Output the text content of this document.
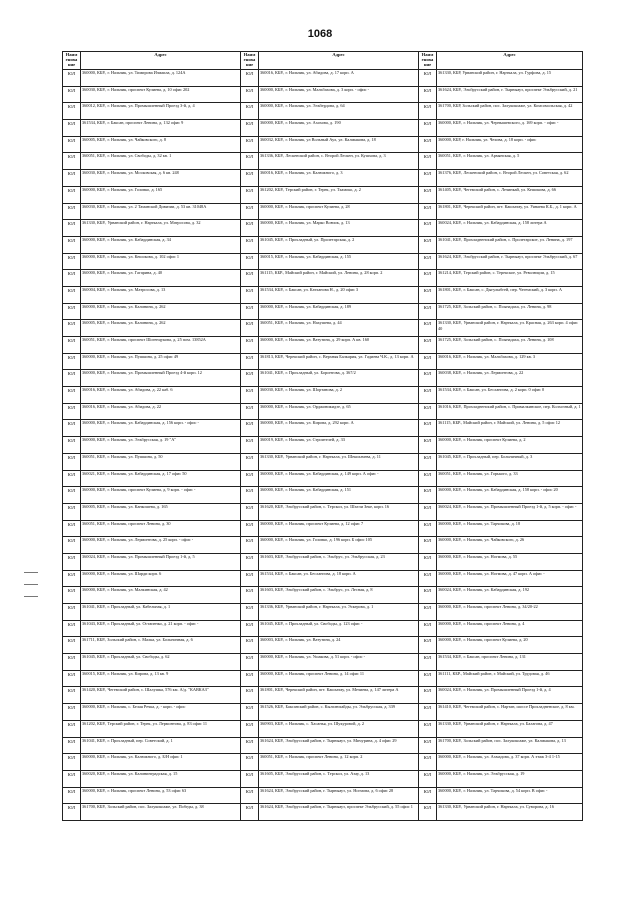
1068
Наим енова ние	Адрес	Наим енова ние	Адрес	Наим енова ние	Адрес
ЮЛ	360000, КБР., г. Нальчик, ул. Тимирова Измаила, д. 124А	ЮЛ	360016, КБР., г. Нальчик, ул. Абидова, д. 17 корп. А	ЮЛ	361330, КБР, Урванский район, г. Нарткала, ул. Гурфова, д. 15
ЮЛ	360030, КБР., г. Нальчик, проспект Кулиева, д. 10 офис 202	ЮЛ	360000, КБР., г. Нальчик, ул. Мальбахова, д. 3 корп. - офис -	ЮЛ	361624, КБР., Эльбрусский район, г. Тырныауз, проспект Эльбрусский, д. 21
ЮЛ	360012, КБР., г. Нальчик, ул. Промышленный Проезд 3-й, д. 4	ЮЛ	360000, КБР., г. Нальчик, ул. Эльбердова, д. 64	ЮЛ	361700, КБР, Зольский район, пос. Залукокоаже, ул. Комсомольская, д. 42
ЮЛ	361534, КБР., г. Баксан, проспект Ленина, д. 132 офис 9	ЮЛ	360000, КБР., г. Нальчик, ул. Ахохова, д. 190	ЮЛ	360000, КБР., г. Нальчик, ул. Чернышевского, д. 169 корп. - офис -
ЮЛ	360005, КБР., г. Нальчик, ул. Чайковского, д. 8	ЮЛ	360032, КБР., г. Нальчик, ул Вольный Аул, ул. Калмыкова, д. 18	ЮЛ	360000, КБР, г. Нальчик, ул. Чехова, д. 18 корп. - офис
ЮЛ	360051, КБР., г. Нальчик, ул. Свободы, д. 32 кв. 1	ЮЛ	361336, КБР., Лескенский район, с. Второй Лескен, ул. Кушхова, д. 3	ЮЛ	360051, КБР., г. Нальчик, ул. Армянская, д. 5
ЮЛ	360030, КБР., г. Нальчик, ул. Московская, д. 6 кв. 248	ЮЛ	360016, КБР., г. Нальчик, ул. Калюжного, д. 3	ЮЛ	361376, КБР., Лескенский район, с. Второй Лескен, ул. Советская, д. 62
ЮЛ	360000, КБР., г. Нальчик, ул. Головко, д. 165	ЮЛ	361202, КБР., Терский район, г. Терек, ул. Тхамоко, д. 2	ЮЛ	361405, КБР., Чегемский район, с. Лечинкай, ул. Кешокова, д. 66
ЮЛ	360030, КБР., г. Нальчик, ул. 2 Таманской Дивизии, д. 53 кв. 31048А	ЮЛ	360000, КБР., г. Нальчик, проспект Кулиева, д. 28	ЮЛ	361801, КБР., Черекский район, пгт. Кашхатау, ул. Уянаева К.Б., д. 1 корп. А
ЮЛ	361330, КБР., Урванский район, г. Нарткала, ул. Матросова, д. 32	ЮЛ	360000, КБР., г. Нальчик, ул. Марко Вовчок, д. 13	ЮЛ	360024, КБР., г. Нальчик, ул. Кабардинская, д. 158 литера А
ЮЛ	360000, КБР., г. Нальчик, ул. Кабардинская, д. 34	ЮЛ	361045, КБР., г. Прохладный, ул. Пролетарская, д. 2	ЮЛ	361041, КБР., Прохладненский район, с. Пролетарское, ул. Ленина, д. 197
ЮЛ	360000, КБР., г. Нальчик, ул. Кешокова, д. 102 офис 1	ЮЛ	360015, КБР., г. Нальчик, ул. Кабардинская, д. 155	ЮЛ	361624, КБР., Эльбрусский район, г. Тырныауз, проспект Эльбрусский, д. 67
ЮЛ	360000, КБР., г. Нальчик, ул. Гагарина, д. 40	ЮЛ	361115, КБР., Майский район, г. Майский, ул. Ленина, д. 28 корп. 2	ЮЛ	361214, КБР., Терский район, с. Терекское, ул. Революции, д. 15
ЮЛ	360004, КБР., г. Нальчик, ул. Матросова, д. 13	ЮЛ	361534, КБР., г. Баксан, ул. Катханова Н., д. 20 офис 3	ЮЛ	361801, КБР., г. Баксан, с. Дыгулыбгей, пер. Чегемский, д. 3 корп. А
ЮЛ	360000, КБР., г. Нальчик, ул. Калинина, д. 262	ЮЛ	360000, КБР., г. Нальчик, ул. Кабардинская, д. 189	ЮЛ	361725, КБР., Зольский район, с. Псынадаха, ул. Ленина, д. 98
ЮЛ	360005, КБР., г. Нальчик, ул. Калинина, д. 262	ЮЛ	360051, КБР., г. Нальчик, ул. Нахушева, д. 44	ЮЛ	361330, КБР., Урванский район, г. Нарткала, ул. Красная, д. 263 корп. 4 офис 40
ЮЛ	360051, КБР., г. Нальчик, проспект Шогенцукова, д. 25 пом. 13852А	ЮЛ	360000, КБР., г. Нальчик, ул. Ватутина, д. 29 корп. А кв. 160	ЮЛ	361725, КБР., Зольский район, с. Псынадаха, ул. Ленина, д. 108
ЮЛ	360000, КБР., г. Нальчик, ул. Пушкина, д. 25 офис 49	ЮЛ	361813, КБР., Черекский район, с. Верхняя Балкария, ул. Гадиева Ч.К., д. 13 корп. А	ЮЛ	360016, КБР., г. Нальчик, ул. Мальбахова, д. 129 кв. 3
ЮЛ	360000, КБР., г. Нальчик, ул. Промышленный Проезд 4-й корп. 12	ЮЛ	361041, КБР., г. Прохладный, ул. Боронтова, д. 367/2	ЮЛ	360038, КБР., г. Нальчик, ул. Лермонтова, д. 22
ЮЛ	360016, КБР., г. Нальчик, ул. Абидова, д. 22 каб. 6	ЮЛ	360030, КБР., г. Нальчик, ул. Шортанова, д. 2	ЮЛ	361534, КБР., г. Баксан, ул. Беслангова, д. 2 корп. 0 офис 0
ЮЛ	360016, КБР., г. Нальчик, ул. Абидова, д. 22	ЮЛ	360000, КБР., г. Нальчик, ул. Орджоникидзе, д. 65	ЮЛ	361016, КБР., Прохладненский район, с. Прималкинское, пер. Колхозный, д. 1
ЮЛ	360000, КБР., г. Нальчик, ул. Кабардинская, д. 156 корп. - офис -	ЮЛ	360000, КБР., г. Нальчик, ул. Кирова, д. 292 корп. А	ЮЛ	361115, КБР., Майский район, г. Майский, ул. Ленина, д. 5 офис 12
ЮЛ	360000, КБР., г. Нальчик, ул. Эльбрусская, д. 19 "А"	ЮЛ	360019, КБР., г. Нальчик, ул. Строителей, д. 33	ЮЛ	360000, КБР., г. Нальчик, проспект Кулиева, д. 2
ЮЛ	360051, КБР., г. Нальчик, ул. Пушкина, д. 50	ЮЛ	361330, КБР., Урванский район, г. Нарткала, ул. Шекихачева, д. 11	ЮЛ	361045, КБР., г. Прохладный, пер. Больничный, д. 3
ЮЛ	360021, КБР., г. Нальчик, ул. Кабардинская, д. 17 офис 50	ЮЛ	360000, КБР., г. Нальчик, ул. Кабардинская, д. 149 корп. А офис -	ЮЛ	360051, КБР., г. Нальчик, ул. Горького, д. 33
ЮЛ	360000, КБР., г. Нальчик, проспект Кулиева, д. 9 корп. - офис -	ЮЛ	360000, КБР., г. Нальчик, ул. Кабардинская, д. 151	ЮЛ	360000, КБР., г. Нальчик, ул. Кабардинская, д. 158 корп. - офис 20
ЮЛ	360005, КБР., г. Нальчик, ул. Канкошева, д. 165	ЮЛ	361620, КБР., Эльбрусский район, с. Терскол, ул. Шхели Зеке, корп. 16	ЮЛ	360024, КБР., г. Нальчик, ул. Промышленный Проезд 1-й, д. 5 корп. - офис -
ЮЛ	360051, КБР., г. Нальчик, проспект Ленина, д. 30	ЮЛ	360000, КБР., г. Нальчик, проспект Кулиева, д. 12 офис 7	ЮЛ	360000, КБР., г. Нальчик, ул. Тарчокова, д. 18
ЮЛ	360000, КБР., г. Нальчик, ул. Лермонтова, д. 25 корп. - офис -	ЮЛ	360000, КБР., г. Нальчик, ул. Головко, д. 196 корп. Б офис 105	ЮЛ	360000, КБР., г. Нальчик, ул. Чайковского, д. 26
ЮЛ	360024, КБР., г. Нальчик, ул. Промышленный Проезд 1-й, д. 5	ЮЛ	361603, КБР., Эльбрусский район, с. Эльбрус, ул. Эльбрусская, д. 23	ЮЛ	360000, КБР., г. Нальчик, ул. Ногмова, д. 55
ЮЛ	360000, КБР., г. Нальчик, ул. Шарди корп. 6	ЮЛ	361534, КБР., г. Баксан, ул. Беслангова, д. 18 корп. А	ЮЛ	360000, КБР., г. Нальчик, ул. Ногмова, д. 47 корп. А офис -
ЮЛ	360000, КБР., г. Нальчик, ул. Малкинская, д. 42	ЮЛ	361603, КБР., Эльбрусский район, с. Эльбрус, ул. Лесная, д. 8	ЮЛ	360024, КБР., г. Нальчик, ул. Кабардинская, д. 192
ЮЛ	361041, КБР., г. Прохладный, ул. Кабельная, д. 1	ЮЛ	361336, КБР., Урванский район, г. Нарткала, ул. Эскерова, д. 1	ЮЛ	360000, КБР., г. Нальчик, проспект Ленина, д. 34/20-22
ЮЛ	361043, КБР., г. Прохладный, ул. Остапенко, д. 21 корп. - офис -	ЮЛ	361045, КБР., г. Прохладный, ул. Свободы, д. 123 офис -	ЮЛ	360000, КБР., г. Нальчик, проспект Ленина, д. 4
ЮЛ	361711, КБР., Зольский район, с. Малка, ул. Больничная, д. 6	ЮЛ	360003, КБР., г. Нальчик, ул. Ватутина, д. 24	ЮЛ	360000, КБР., г. Нальчик, проспект Кулиева, д. 20
ЮЛ	361045, КБР., г. Прохладный, ул. Свободы, д. 62	ЮЛ	360000, КБР., г. Нальчик, ул. Ушакова, д. 51 корп. - офис -	ЮЛ	361534, КБР., г. Баксан, проспект Ленина, д. 131
ЮЛ	360015, КБР., г. Нальчик, ул. Кирова, д. 13 кв. 9	ЮЛ	360000, КБР., г. Нальчик, проспект Ленина, д. 14 офис 11	ЮЛ	361111, КБР., Майский район, г. Майский, ул. Трудовая, д. 46
ЮЛ	361420, КБР., Чегемский район, с. Шалушка, 576 км. А/д. "КАВКАЗ"	ЮЛ	361801, КБР., Черекский район, пгт. Кашхатау, ул. Мечиева, д. 147 литера А	ЮЛ	360024, КБР., г. Нальчик, ул. Промышленный Проезд 1-й, д. 4
ЮЛ	360000, КБР., г. Нальчик, с. Белая Речка, д. - корп. - офис	ЮЛ	361526, КБР., Баксанский район, с. Кыльтюхайды, ул. Эльбрусская, д. 339	ЮЛ	361410, КБР., Чегемский район, с. Нартан, шоссе Прохладненское, д. 8 км.
ЮЛ	361202, КБР., Терский район, г. Терек, ул. Лермонтова, д. 83 офис 11	ЮЛ	360903, КБР., г. Нальчик, с. Хасанья, ул. Шукуровой, д. 2	ЮЛ	361330, КБР., Урванский район, г. Нарткала, ул. Балагова, д. 47
ЮЛ	361041, КБР., г. Прохладный, пер. Советский, д. 1	ЮЛ	361624, КБР., Эльбрусский район, г. Тырныауз, ул. Мичурина, д. 4 офис 29	ЮЛ	361700, КБР., Зольский район, пос. Залукокоаже, ул. Калмыкова, д. 13
ЮЛ	360000, КБР., г. Нальчик, ул. Калюжного, д. Б/Н офис 1	ЮЛ	360051, КБР., г. Нальчик, проспект Ленина, д. 12 корп. 2	ЮЛ	360000, КБР., г. Нальчик, ул. Ахмадова, д. 37 корп. А этаж 3-4 1-15
ЮЛ	360020, КБР., г. Нальчик, ул. Калининградская, д. 15	ЮЛ	361605, КБР., Эльбрусский район, с. Терскол, ул. Азау, д. 13	ЮЛ	360000, КБР., г. Нальчик, ул. Эльбрусская, д. 19
ЮЛ	360000, КБР., г. Нальчик, проспект Ленина, д. 53 офис 63	ЮЛ	361624, КБР., Эльбрусский район, г. Тырныауз, ул. Ногмова, д. 6 офис 28	ЮЛ	360000, КБР., г. Нальчик, ул. Тарчокова, д. 54 корп. В офис -
ЮЛ	361700, КБР., Зольский район, пос. Залукокоаже, ул. Победы, д. 38	ЮЛ	361624, КБР., Эльбрусский район, г. Тырныауз, проспект Эльбрусский, д. 55 офис 1	ЮЛ	361330, КБР., Урванский район, г. Нарткала, ул. Суворова, д. 16
